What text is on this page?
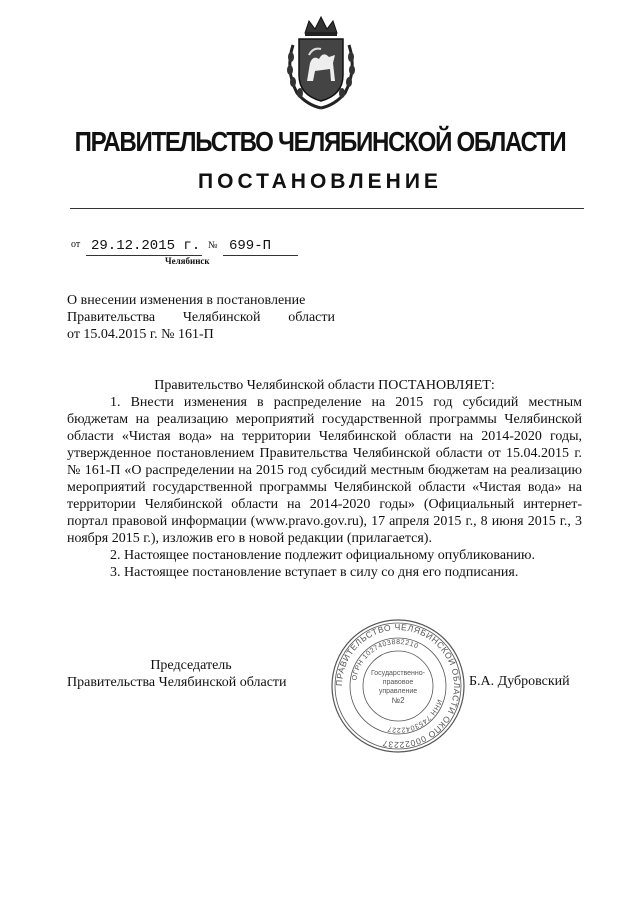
ПРАВИТЕЛЬСТВО ЧЕЛЯБИНСКОЙ ОБЛАСТИ
ПОСТАНОВЛЕНИЕ
от 29.12.2015 г. № 699-П
Челябинск
О внесении изменения в постановление
Правительства Челябинской области
от 15.04.2015 г. № 161-П

Правительство Челябинской области ПОСТАНОВЛЯЕТ:

1. Внести изменения в распределение на 2015 год субсидий местным бюджетам на реализацию мероприятий государственной программы Челябинской области «Чистая вода» на территории Челябинской области на 2014-2020 годы, утвержденное постановлением Правительства Челябинской области от 15.04.2015 г. № 161-П «О распределении на 2015 год субсидий местным бюджетам на реализацию мероприятий государственной программы Челябинской области «Чистая вода» на территории Челябинской области на 2014-2020 годы» (Официальный интернет-портал правовой информации (www.pravo.gov.ru), 17 апреля 2015 г., 8 июня 2015 г., 3 ноября 2015 г.), изложив его в новой редакции (прилагается).

2. Настоящее постановление подлежит официальному опубликованию.

3. Настоящее постановление вступает в силу со дня его подписания.

Председатель
Правительства Челябинской области	Б.А. Дубровский
ПРАВИТЕЛЬСТВО ЧЕЛЯБИНСКОЙ ОБЛАСТИ ОКПО 00022237
ОГРН 1027403882210
ИНН 7453042227
Государственно-
правовое
управление
№2
